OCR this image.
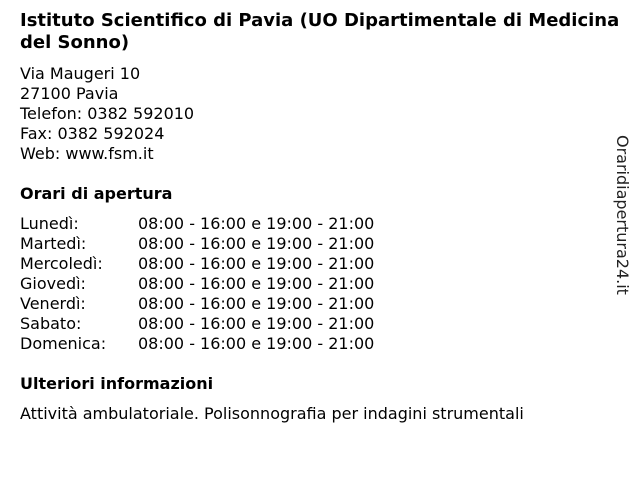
Istituto Scientifico di Pavia (UO Dipartimentale di Medicina del Sonno)
Via Maugeri 10
27100 Pavia
Telefon: 0382 592010
Fax: 0382 592024
Web: www.fsm.it
Orari di apertura
Lunedì:	08:00 - 16:00 e 19:00 - 21:00
Martedì:	08:00 - 16:00 e 19:00 - 21:00
Mercoledì:	08:00 - 16:00 e 19:00 - 21:00
Giovedì:	08:00 - 16:00 e 19:00 - 21:00
Venerdì:	08:00 - 16:00 e 19:00 - 21:00
Sabato:	08:00 - 16:00 e 19:00 - 21:00
Domenica:	08:00 - 16:00 e 19:00 - 21:00
Ulteriori informazioni
Attività ambulatoriale. Polisonnografia per indagini strumentali
Oraridiapertura24.it
